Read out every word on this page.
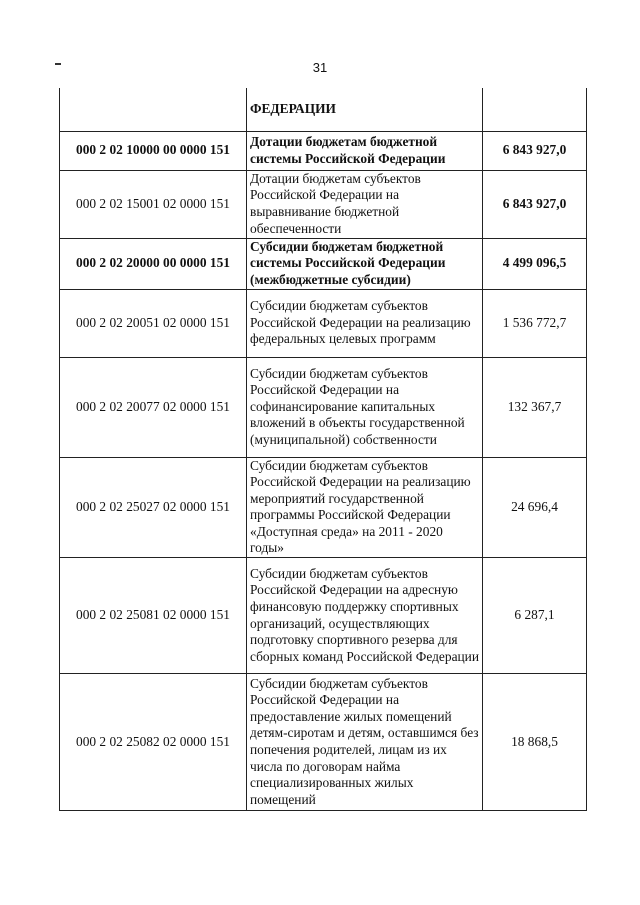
31
	ФЕДЕРАЦИИ	
000 2 02 10000 00 0000 151	Дотации бюджетам бюджетной системы Российской Федерации	6 843 927,0
000 2 02 15001 02 0000 151	Дотации бюджетам субъектов Российской Федерации на выравнивание бюджетной обеспеченности	6 843 927,0
000 2 02 20000 00 0000 151	Субсидии бюджетам бюджетной системы Российской Федерации (межбюджетные субсидии)	4 499 096,5
000 2 02 20051 02 0000 151	Субсидии бюджетам субъектов Российской Федерации на реализацию федеральных целевых программ	1 536 772,7
000 2 02 20077 02 0000 151	Субсидии бюджетам субъектов Российской Федерации на софинансирование капитальных вложений в объекты государственной (муниципальной) собственности	132 367,7
000 2 02 25027 02 0000 151	Субсидии бюджетам субъектов Российской Федерации на реализацию мероприятий государственной программы Российской Федерации «Доступная среда» на 2011 - 2020 годы»	24 696,4
000 2 02 25081 02 0000 151	Субсидии бюджетам субъектов Российской Федерации на адресную финансовую поддержку спортивных организаций, осуществляющих подготовку спортивного резерва для сборных команд Российской Федерации	6 287,1
000 2 02 25082 02 0000 151	Субсидии бюджетам субъектов Российской Федерации на предоставление жилых помещений детям-сиротам и детям, оставшимся без попечения родителей, лицам из их числа по договорам найма специализированных жилых помещений	18 868,5
